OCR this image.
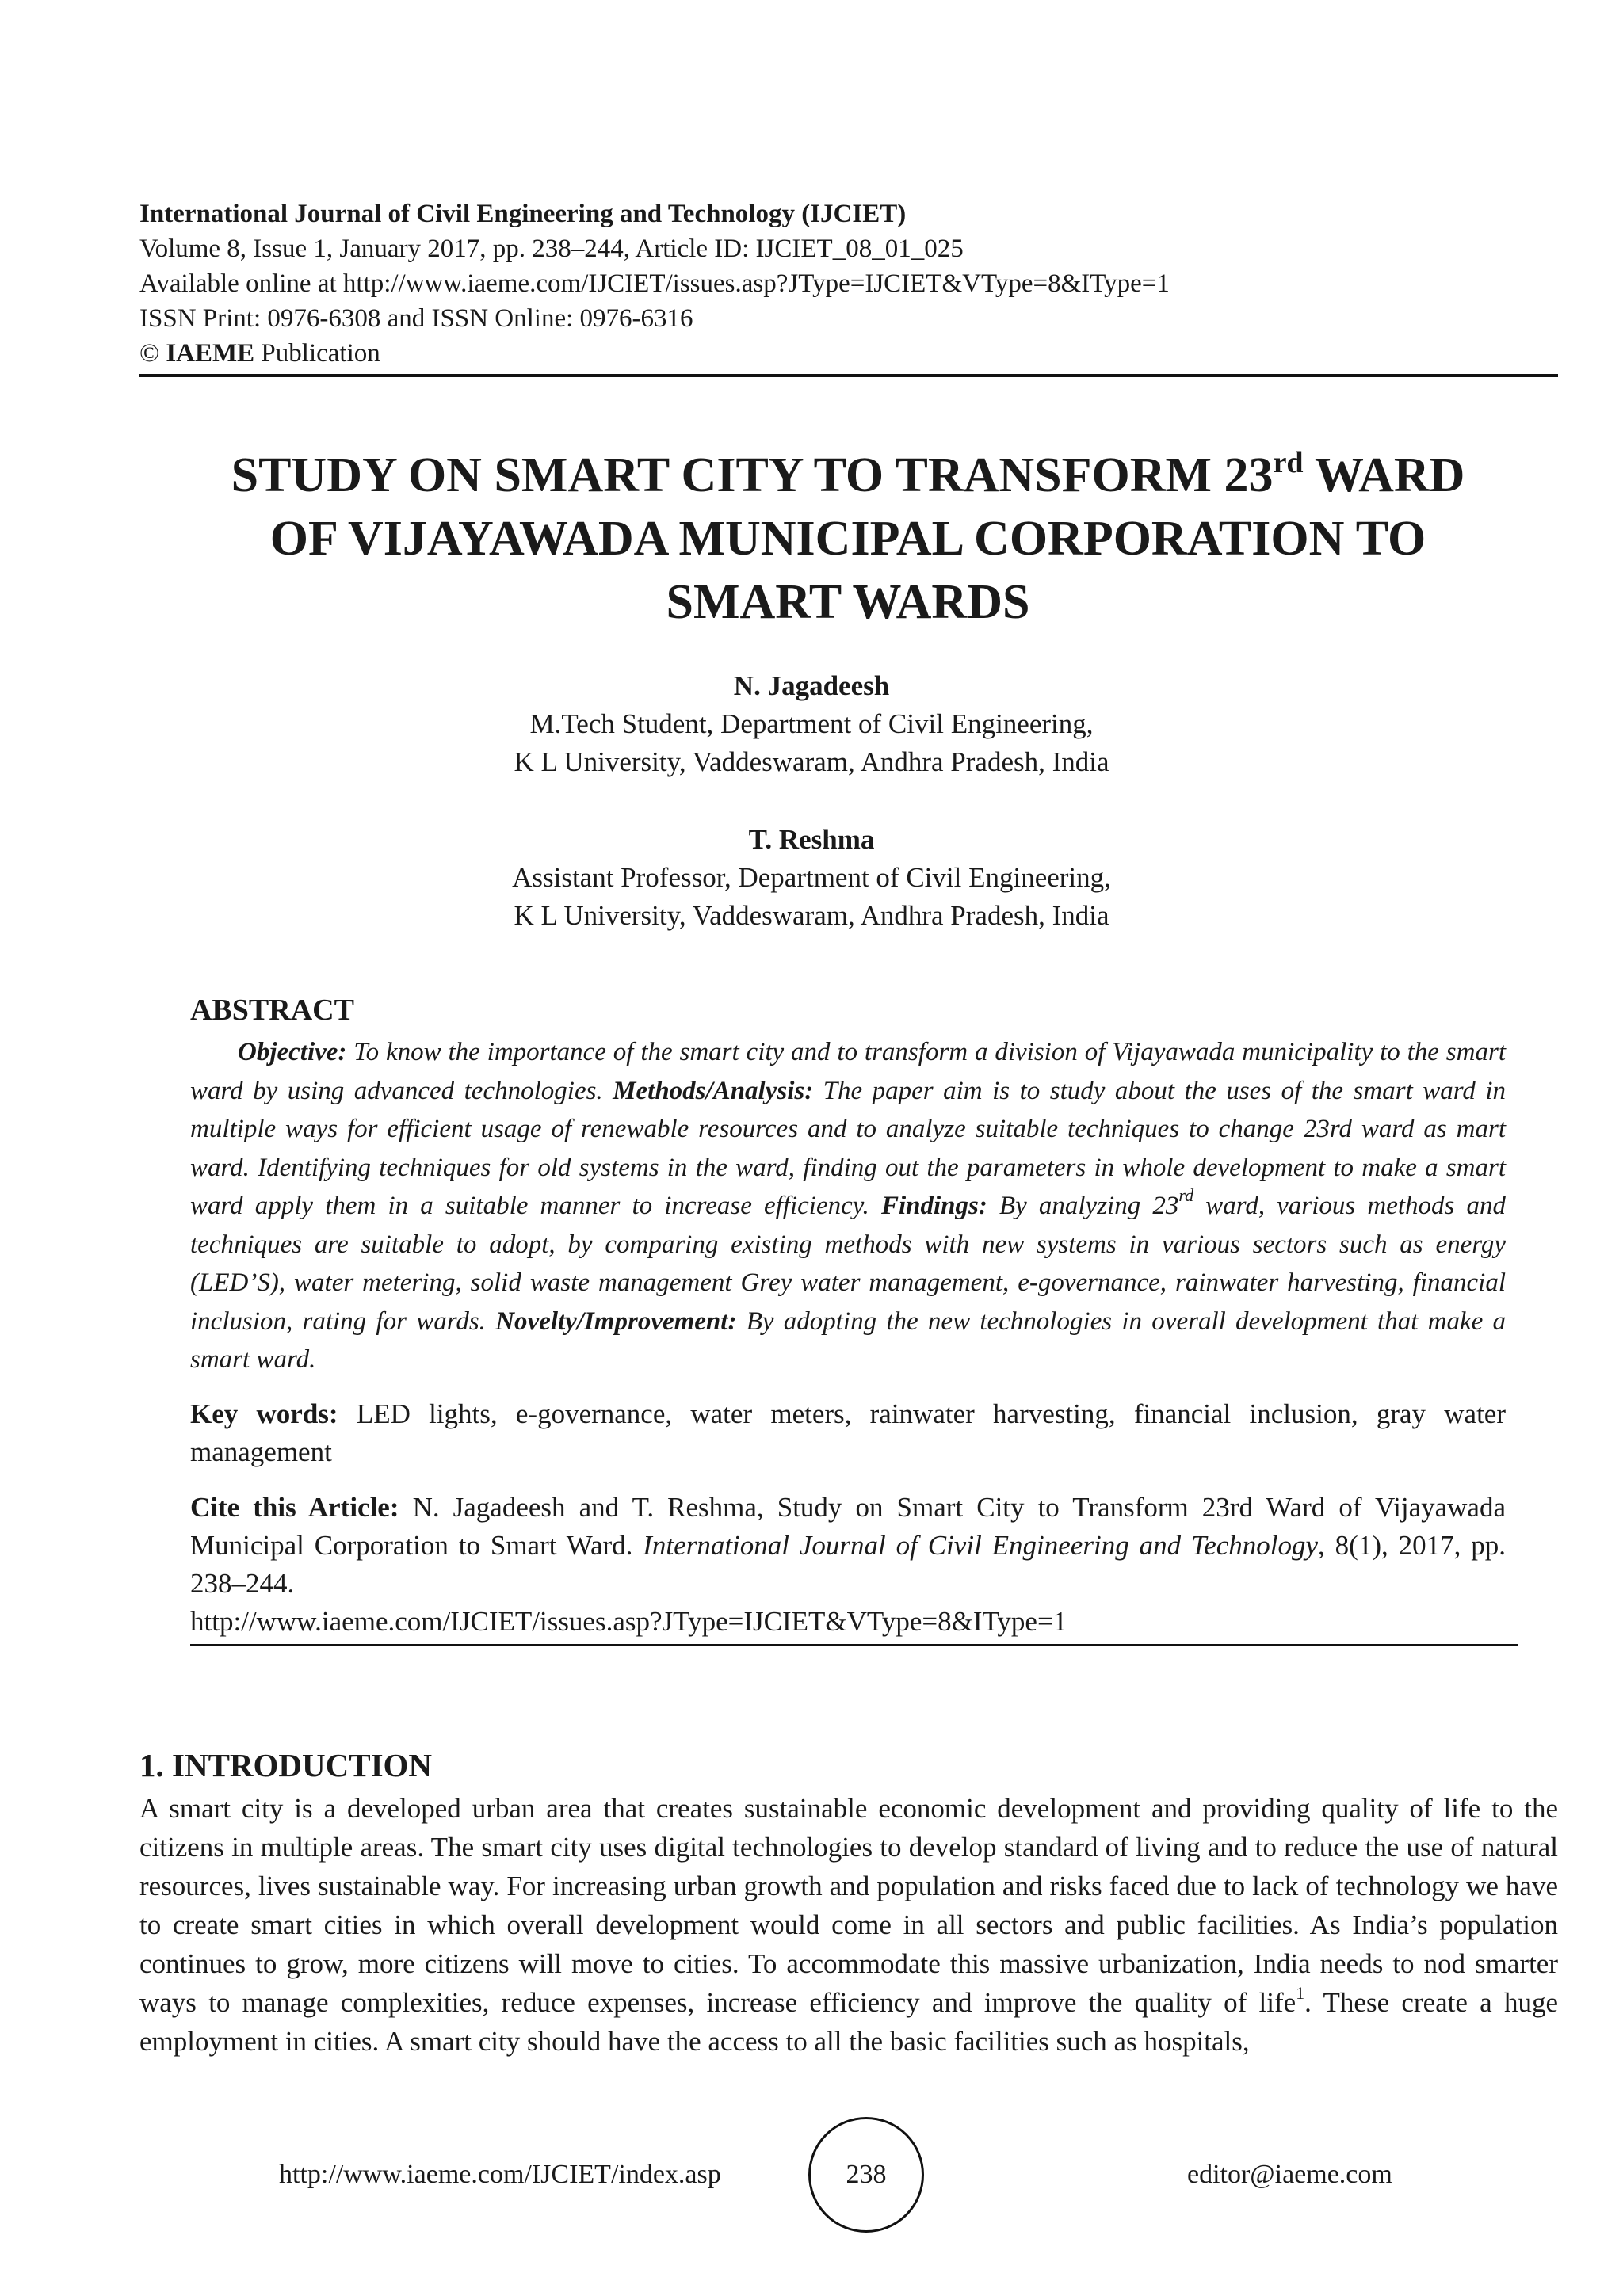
International Journal of Civil Engineering and Technology (IJCIET)
Volume 8, Issue 1, January 2017, pp. 238–244, Article ID: IJCIET_08_01_025
Available online at http://www.iaeme.com/IJCIET/issues.asp?JType=IJCIET&VType=8&IType=1
ISSN Print: 0976-6308 and ISSN Online: 0976-6316
© IAEME Publication
STUDY ON SMART CITY TO TRANSFORM 23rd WARD
OF VIJAYAWADA MUNICIPAL CORPORATION TO
SMART WARDS
N. Jagadeesh
M.Tech Student, Department of Civil Engineering,
K L University, Vaddeswaram, Andhra Pradesh, India
T. Reshma
Assistant Professor, Department of Civil Engineering,
K L University, Vaddeswaram, Andhra Pradesh, India
ABSTRACT
Objective: To know the importance of the smart city and to transform a division of Vijayawada municipality to the smart ward by using advanced technologies. Methods/Analysis: The paper aim is to study about the uses of the smart ward in multiple ways for efficient usage of renewable resources and to analyze suitable techniques to change 23rd ward as mart ward. Identifying techniques for old systems in the ward, finding out the parameters in whole development to make a smart ward apply them in a suitable manner to increase efficiency. Findings: By analyzing 23rd ward, various methods and techniques are suitable to adopt, by comparing existing methods with new systems in various sectors such as energy (LED’S), water metering, solid waste management Grey water management, e-governance, rainwater harvesting, financial inclusion, rating for wards. Novelty/Improvement: By adopting the new technologies in overall development that make a smart ward.
Key words: LED lights, e-governance, water meters, rainwater harvesting, financial inclusion, gray water management
Cite this Article: N. Jagadeesh and T. Reshma, Study on Smart City to Transform 23rd Ward of Vijayawada Municipal Corporation to Smart Ward. International Journal of Civil Engineering and Technology, 8(1), 2017, pp. 238–244.
http://www.iaeme.com/IJCIET/issues.asp?JType=IJCIET&VType=8&IType=1
1. INTRODUCTION
A smart city is a developed urban area that creates sustainable economic development and providing quality of life to the citizens in multiple areas. The smart city uses digital technologies to develop standard of living and to reduce the use of natural resources, lives sustainable way. For increasing urban growth and population and risks faced due to lack of technology we have to create smart cities in which overall development would come in all sectors and public facilities. As India’s population continues to grow, more citizens will move to cities. To accommodate this massive urbanization, India needs to nod smarter ways to manage complexities, reduce expenses, increase efficiency and improve the quality of life$^1$. These create a huge employment in cities. A smart city should have the access to all the basic facilities such as hospitals,
http://www.iaeme.com/IJCIET/index.asp	238	editor@iaeme.com
